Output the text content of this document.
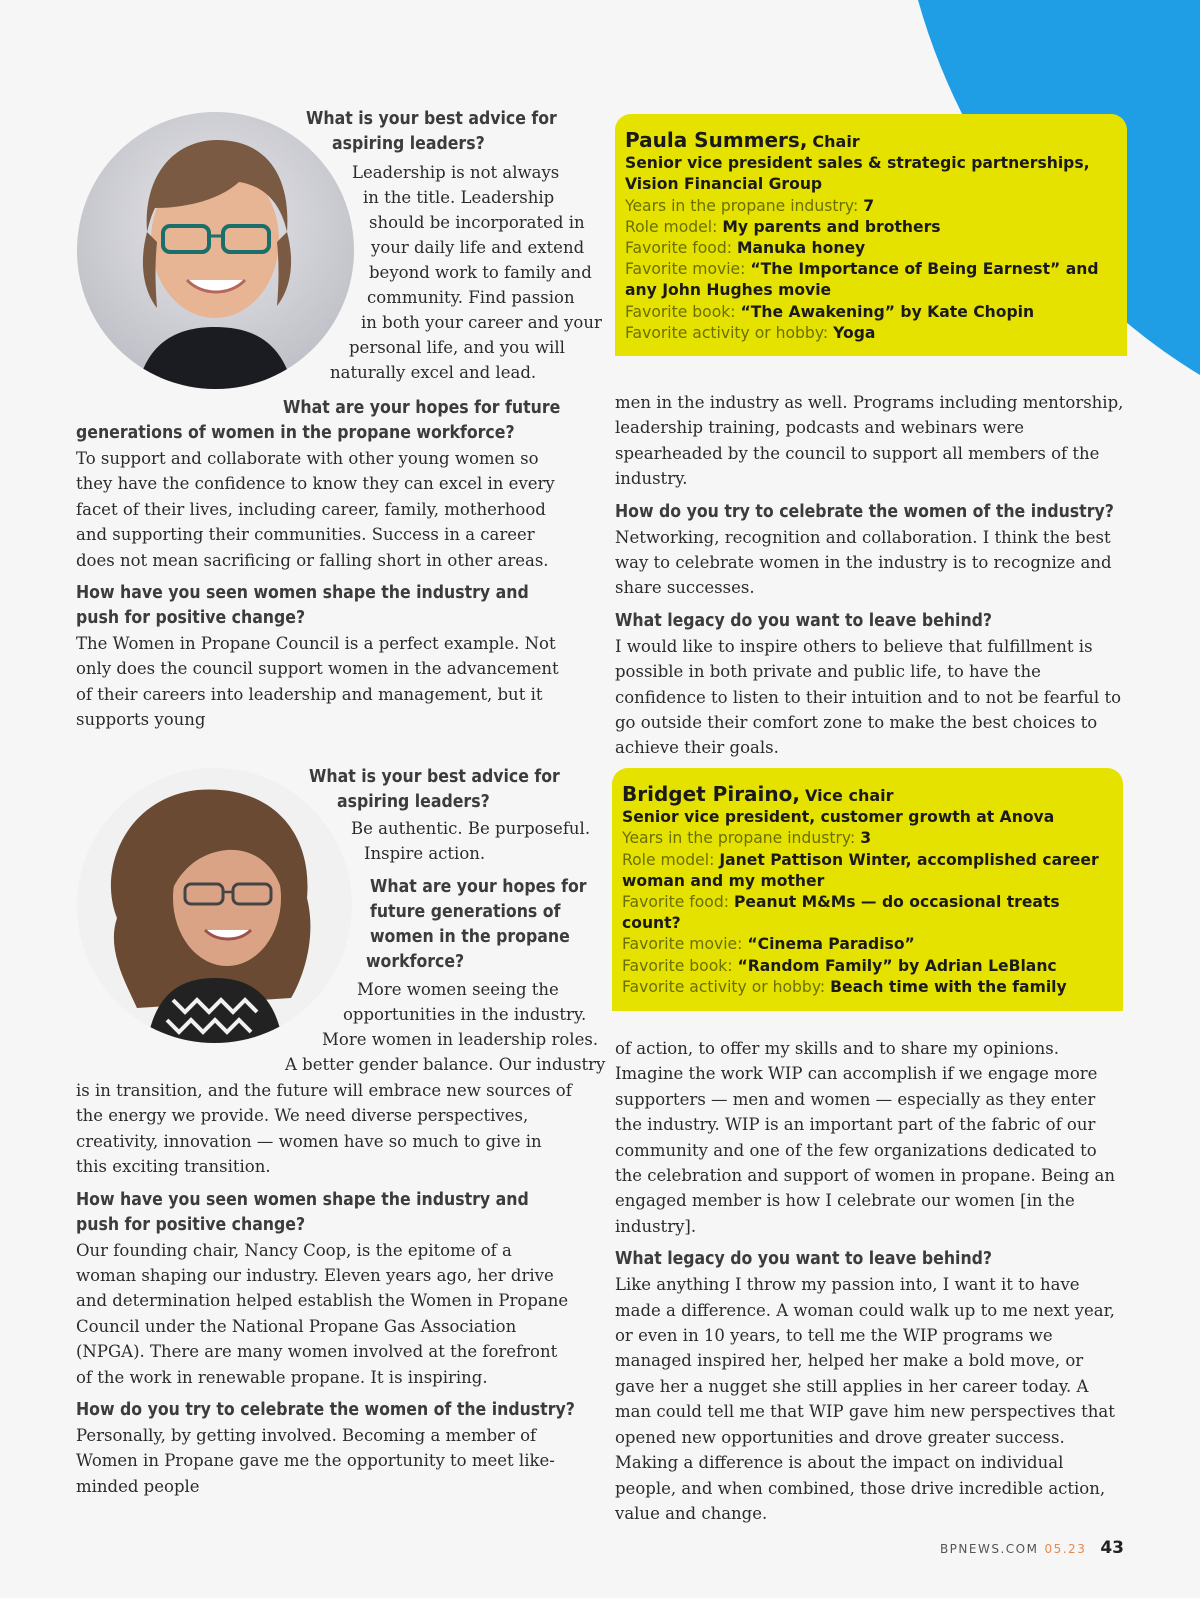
What is your best advice for

aspiring leaders?

Leadership is not always
in the title. Leadership
should be incorporated in
your daily life and extend
beyond work to family and
community. Find passion
in both your career and your
personal life, and you will
naturally excel and lead.

What are your hopes for future

generations of women in the propane workforce?

To support and collaborate with other young women so they have the confidence to know they can excel in every facet of their lives, including career, family, motherhood and supporting their communities. Success in a career does not mean sacrificing or falling short in other areas.

How have you seen women shape the industry and push for positive change?

The Women in Propane Council is a perfect example. Not only does the council support women in the advancement of their careers into leadership and management, but it supports young

Paula Summers, Chair
Senior vice president sales & strategic partnerships, Vision Financial Group
Years in the propane industry: 7
Role model: My parents and brothers
Favorite food: Manuka honey
Favorite movie: “The Importance of Being Earnest” and any John Hughes movie
Favorite book: “The Awakening” by Kate Chopin
Favorite activity or hobby: Yoga

men in the industry as well. Programs including mentorship, leadership training, podcasts and webinars were spearheaded by the council to support all members of the industry.

How do you try to celebrate the women of the industry?

Networking, recognition and collaboration. I think the best way to celebrate women in the industry is to recognize and share successes.

What legacy do you want to leave behind?

I would like to inspire others to believe that fulfillment is possible in both private and public life, to have the confidence to listen to their intuition and to not be fearful to go outside their comfort zone to make the best choices to achieve their goals.

What is your best advice for

aspiring leaders?

Be authentic. Be purposeful.
Inspire action.
What are your hopes for
future generations of
women in the propane
workforce?
More women seeing the
opportunities in the industry.
More women in leadership roles.
A better gender balance. Our industry

is in transition, and the future will embrace new sources of the energy we provide. We need diverse perspectives, creativity, innovation — women have so much to give in this exciting transition.

How have you seen women shape the industry and push for positive change?

Our founding chair, Nancy Coop, is the epitome of a woman shaping our industry. Eleven years ago, her drive and determination helped establish the Women in Propane Council under the National Propane Gas Association (NPGA). There are many women involved at the forefront of the work in renewable propane. It is inspiring.

How do you try to celebrate the women of the industry?

Personally, by getting involved. Becoming a member of Women in Propane gave me the opportunity to meet like-minded people

Bridget Piraino, Vice chair
Senior vice president, customer growth at Anova
Years in the propane industry: 3
Role model: Janet Pattison Winter, accomplished career woman and my mother
Favorite food: Peanut M&Ms — do occasional treats count?
Favorite movie: “Cinema Paradiso”
Favorite book: “Random Family” by Adrian LeBlanc
Favorite activity or hobby: Beach time with the family

of action, to offer my skills and to share my opinions. Imagine the work WIP can accomplish if we engage more supporters — men and women — especially as they enter the industry. WIP is an important part of the fabric of our community and one of the few organizations dedicated to the celebration and support of women in propane. Being an engaged member is how I celebrate our women [in the industry].

What legacy do you want to leave behind?

Like anything I throw my passion into, I want it to have made a difference. A woman could walk up to me next year, or even in 10 years, to tell me the WIP programs we managed inspired her, helped her make a bold move, or gave her a nugget she still applies in her career today. A man could tell me that WIP gave him new perspectives that opened new opportunities and drove greater success. Making a difference is about the impact on individual people, and when combined, those drive incredible action, value and change.

BPNEWS.COM 05.23 43
